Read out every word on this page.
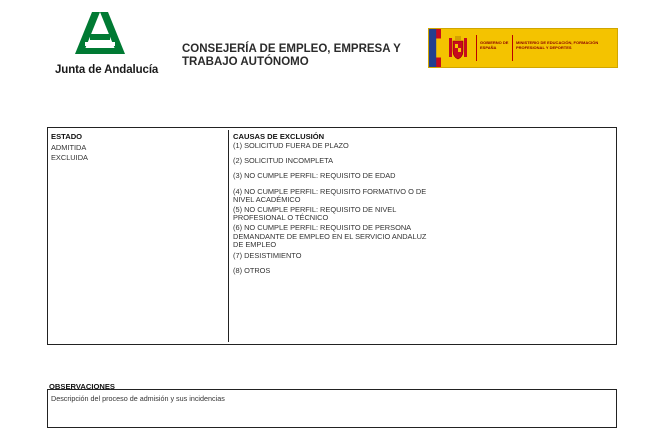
Junta de Andalucía
CONSEJERÍA DE EMPLEO, EMPRESA Y TRABAJO AUTÓNOMO
GOBIERNO DE ESPAÑA
MINISTERIO DE EDUCACIÓN, FORMACIÓN PROFESIONAL Y DEPORTES
ESTADO
ADMITIDA
EXCLUIDA
CAUSAS DE EXCLUSIÓN
(1) SOLICITUD FUERA DE PLAZO
(2) SOLICITUD INCOMPLETA
(3) NO CUMPLE PERFIL: REQUISITO DE EDAD
(4) NO CUMPLE PERFIL: REQUISITO FORMATIVO O DE NIVEL ACADÉMICO
(5) NO CUMPLE PERFIL: REQUISITO DE NIVEL PROFESIONAL O TÉCNICO
(6) NO CUMPLE PERFIL: REQUISITO DE PERSONA DEMANDANTE DE EMPLEO EN EL SERVICIO ANDALUZ DE EMPLEO
(7) DESISTIMIENTO
(8) OTROS
OBSERVACIONES
Descripción del proceso de admisión y sus incidencias
